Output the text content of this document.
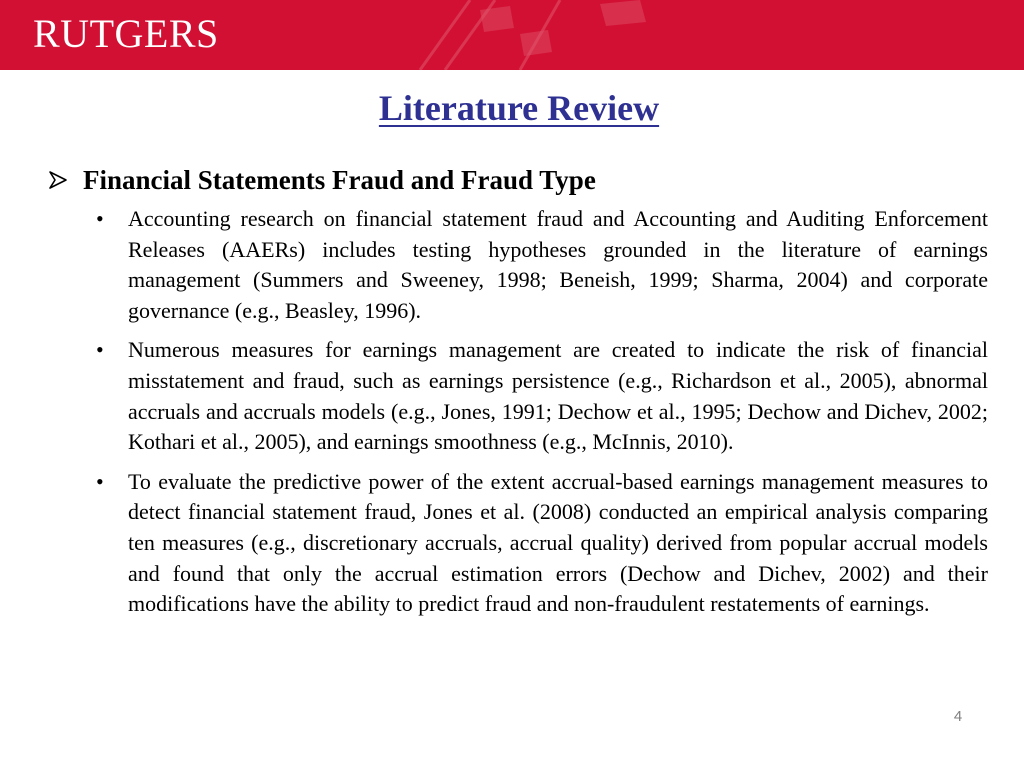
RUTGERS
Literature Review
Financial Statements Fraud and Fraud Type
• Accounting research on financial statement fraud and Accounting and Auditing Enforcement Releases (AAERs) includes testing hypotheses grounded in the literature of earnings management (Summers and Sweeney, 1998; Beneish, 1999; Sharma, 2004) and corporate governance (e.g., Beasley, 1996).
• Numerous measures for earnings management are created to indicate the risk of financial misstatement and fraud, such as earnings persistence (e.g., Richardson et al., 2005), abnormal accruals and accruals models (e.g., Jones, 1991; Dechow et al., 1995; Dechow and Dichev, 2002; Kothari et al., 2005), and earnings smoothness (e.g., McInnis, 2010).
• To evaluate the predictive power of the extent accrual-based earnings management measures to detect financial statement fraud, Jones et al. (2008) conducted an empirical analysis comparing ten measures (e.g., discretionary accruals, accrual quality) derived from popular accrual models and found that only the accrual estimation errors (Dechow and Dichev, 2002) and their modifications have the ability to predict fraud and non-fraudulent restatements of earnings.
4
